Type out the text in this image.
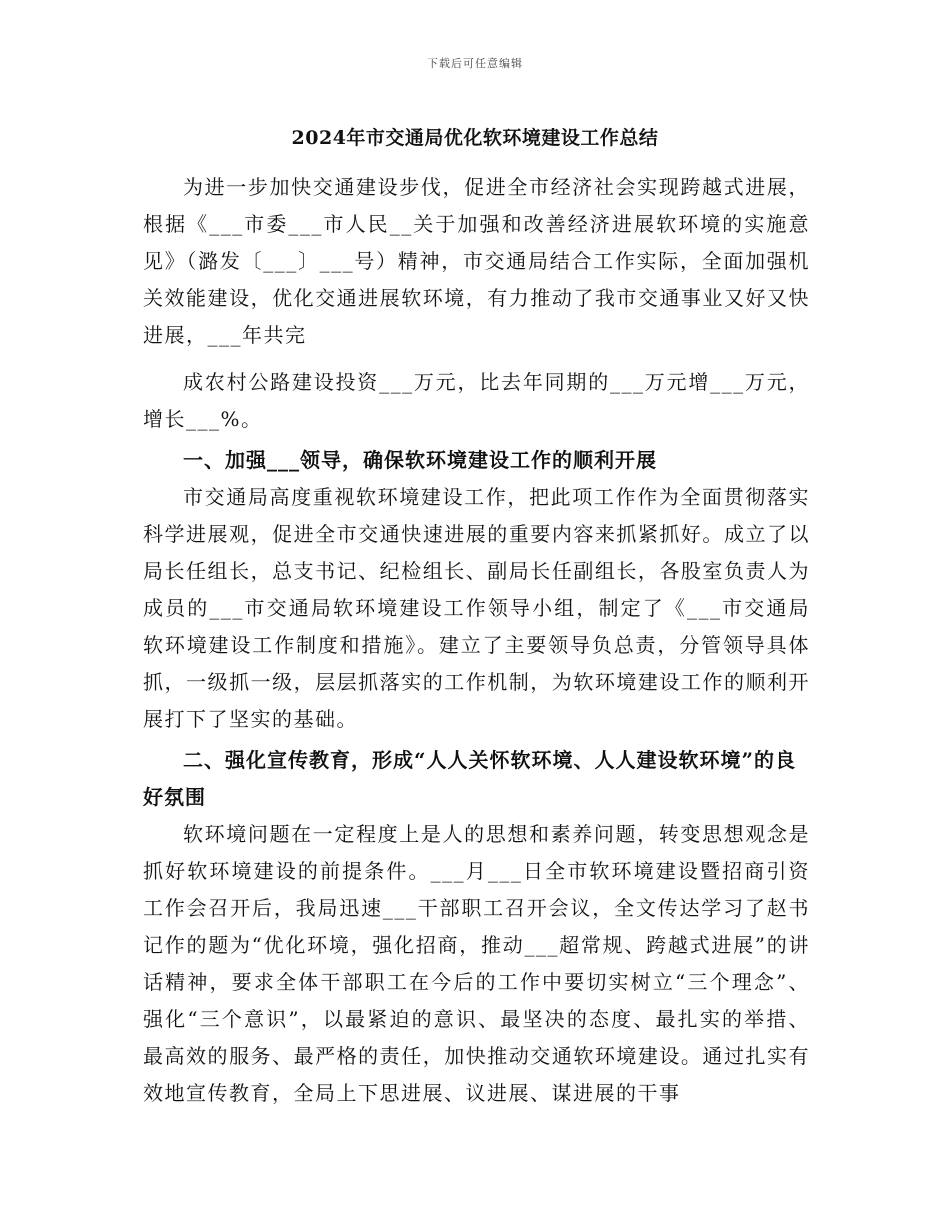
下载后可任意编辑
2024年市交通局优化软环境建设工作总结

为进一步加快交通建设步伐，促进全市经济社会实现跨越式进展，根据《___市委___市人民__关于加强和改善经济进展软环境的实施意见》（潞发〔___〕___号）精神，市交通局结合工作实际，全面加强机关效能建设，优化交通进展软环境，有力推动了我市交通事业又好又快进展，___年共完

成农村公路建设投资___万元，比去年同期的___万元增___万元，增长___%。

一、加强___领导，确保软环境建设工作的顺利开展

市交通局高度重视软环境建设工作，把此项工作作为全面贯彻落实科学进展观，促进全市交通快速进展的重要内容来抓紧抓好。成立了以局长任组长，总支书记、纪检组长、副局长任副组长，各股室负责人为成员的___市交通局软环境建设工作领导小组，制定了《___市交通局软环境建设工作制度和措施》。建立了主要领导负总责，分管领导具体抓，一级抓一级，层层抓落实的工作机制，为软环境建设工作的顺利开展打下了坚实的基础。

二、强化宣传教育，形成“人人关怀软环境、人人建设软环境”的良好氛围

软环境问题在一定程度上是人的思想和素养问题，转变思想观念是抓好软环境建设的前提条件。___月___日全市软环境建设暨招商引资工作会召开后，我局迅速___干部职工召开会议，全文传达学习了赵书记作的题为“优化环境，强化招商，推动___超常规、跨越式进展”的讲话精神，要求全体干部职工在今后的工作中要切实树立“三个理念”、强化“三个意识”，以最紧迫的意识、最坚决的态度、最扎实的举措、最高效的服务、最严格的责任，加快推动交通软环境建设。通过扎实有效地宣传教育，全局上下思进展、议进展、谋进展的干事
